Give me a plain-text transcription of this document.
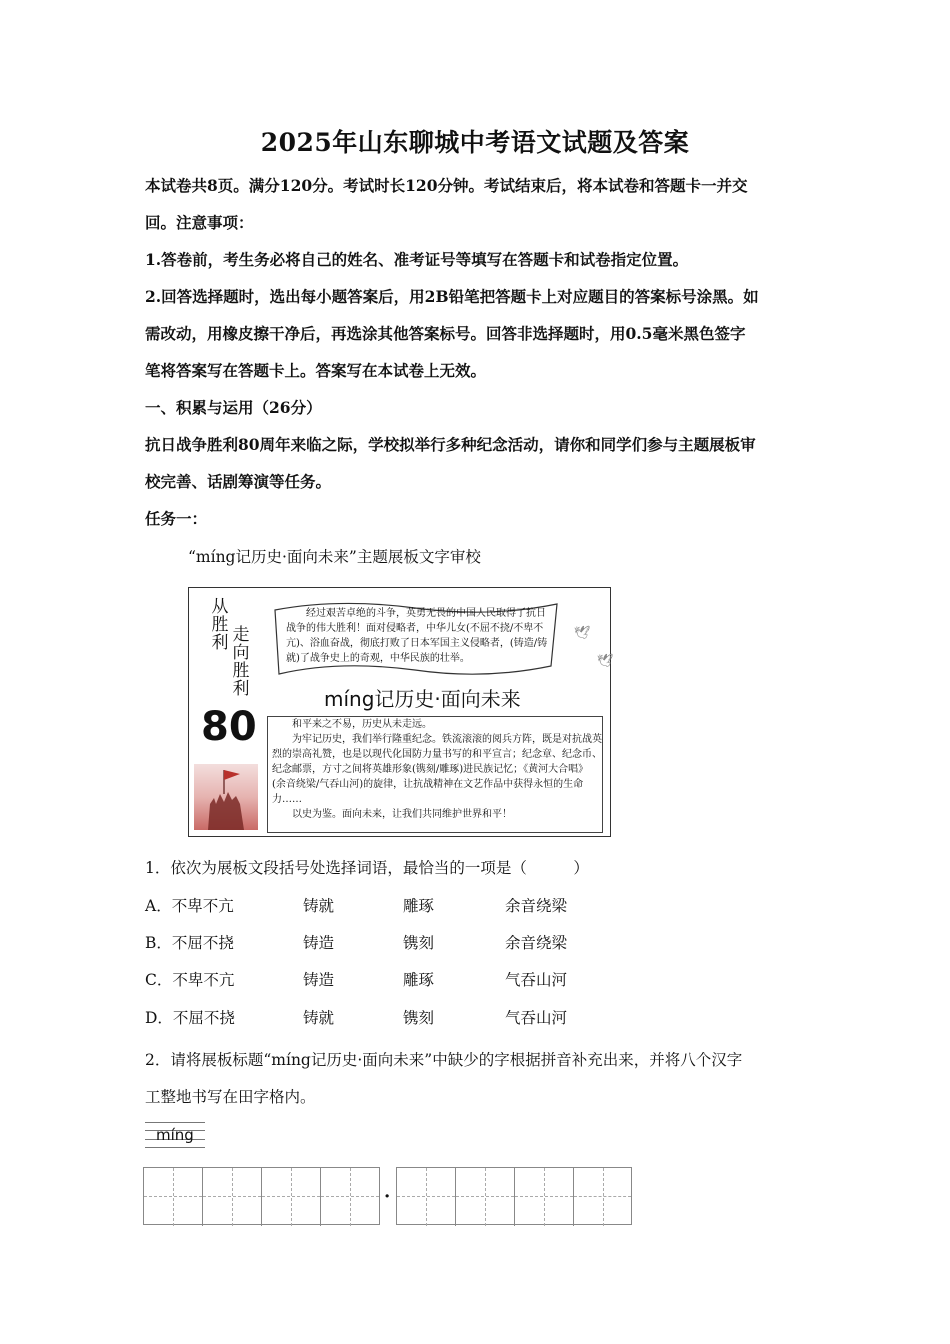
2025年山东聊城中考语文试题及答案
本试卷共8页。满分120分。考试时长120分钟。考试结束后，将本试卷和答题卡一并交
回。注意事项：
1.答卷前，考生务必将自己的姓名、准考证号等填写在答题卡和试卷指定位置。
2.回答选择题时，选出每小题答案后，用2B铅笔把答题卡上对应题目的答案标号涂黑。如
需改动，用橡皮擦干净后，再选涂其他答案标号。回答非选择题时，用0.5毫米黑色签字
笔将答案写在答题卡上。答案写在本试卷上无效。
一、积累与运用（26分）
抗日战争胜利80周年来临之际，学校拟举行多种纪念活动，请你和同学们参与主题展板审
校完善、话剧筹演等任务。
任务一：
“míng记历史·面向未来”主题展板文字审校
从胜利 走向胜利
80
经过艰苦卓绝的斗争，英勇无畏的中国人民取得了抗日战争的伟大胜利！面对侵略者，中华儿女(不屈不挠/不卑不亢)、浴血奋战，彻底打败了日本军国主义侵略者，(铸造/铸就)了战争史上的奇观，中华民族的壮举。
🕊
🕊
míng记历史·面向未来
和平来之不易，历史从未走远。
为牢记历史，我们举行隆重纪念。铁流滚滚的阅兵方阵，既是对抗战英烈的崇高礼赞，也是以现代化国防力量书写的和平宣言；纪念章、纪念币、纪念邮票，方寸之间将英雄形象(镌刻/雕琢)进民族记忆；《黄河大合唱》(余音绕梁/气吞山河)的旋律，让抗战精神在文艺作品中获得永恒的生命力……
以史为鉴。面向未来，让我们共同维护世界和平！
1．依次为展板文段括号处选择词语，最恰当的一项是（　　　）
A．不卑不亢	铸就	雕琢	余音绕梁
B．不屈不挠	铸造	镌刻	余音绕梁
C．不卑不亢	铸造	雕琢	气吞山河
D．不屈不挠	铸就	镌刻	气吞山河
2．请将展板标题“míng记历史·面向未来”中缺少的字根据拼音补充出来，并将八个汉字
工整地书写在田字格内。
míng
·
